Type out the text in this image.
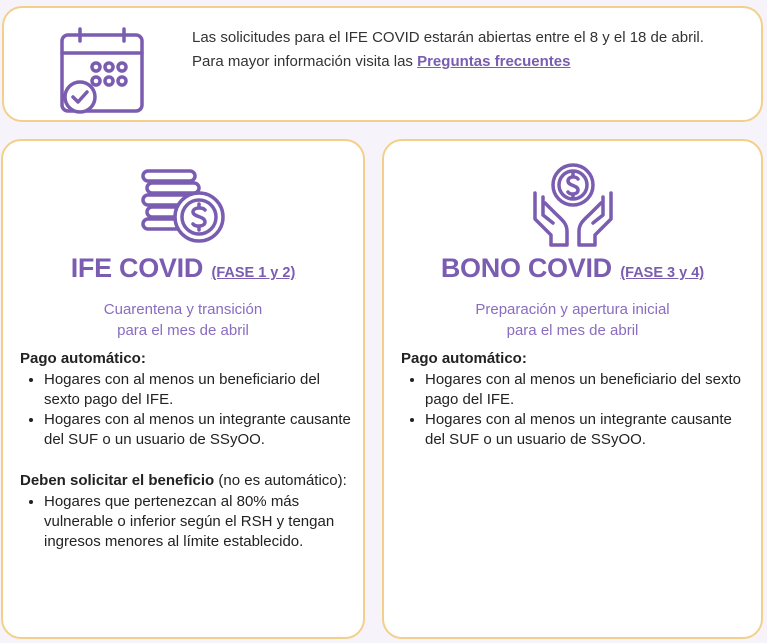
Las solicitudes para el IFE COVID estarán abiertas entre el 8 y el 18 de abril.
Para mayor información visita las Preguntas frecuentes
IFE COVID (FASE 1 y 2)
Cuarentena y transición
para el mes de abril
Pago automático:
• Hogares con al menos un beneficiario del sexto pago del IFE.
• Hogares con al menos un integrante causante del SUF o un usuario de SSyOO.
Deben solicitar el beneficio (no es automático):
• Hogares que pertenezcan al 80% más vulnerable o inferior según el RSH y tengan ingresos menores al límite establecido.
BONO COVID (FASE 3 y 4)
Preparación y apertura inicial
para el mes de abril
Pago automático:
• Hogares con al menos un beneficiario del sexto pago del IFE.
• Hogares con al menos un integrante causante del SUF o un usuario de SSyOO.
